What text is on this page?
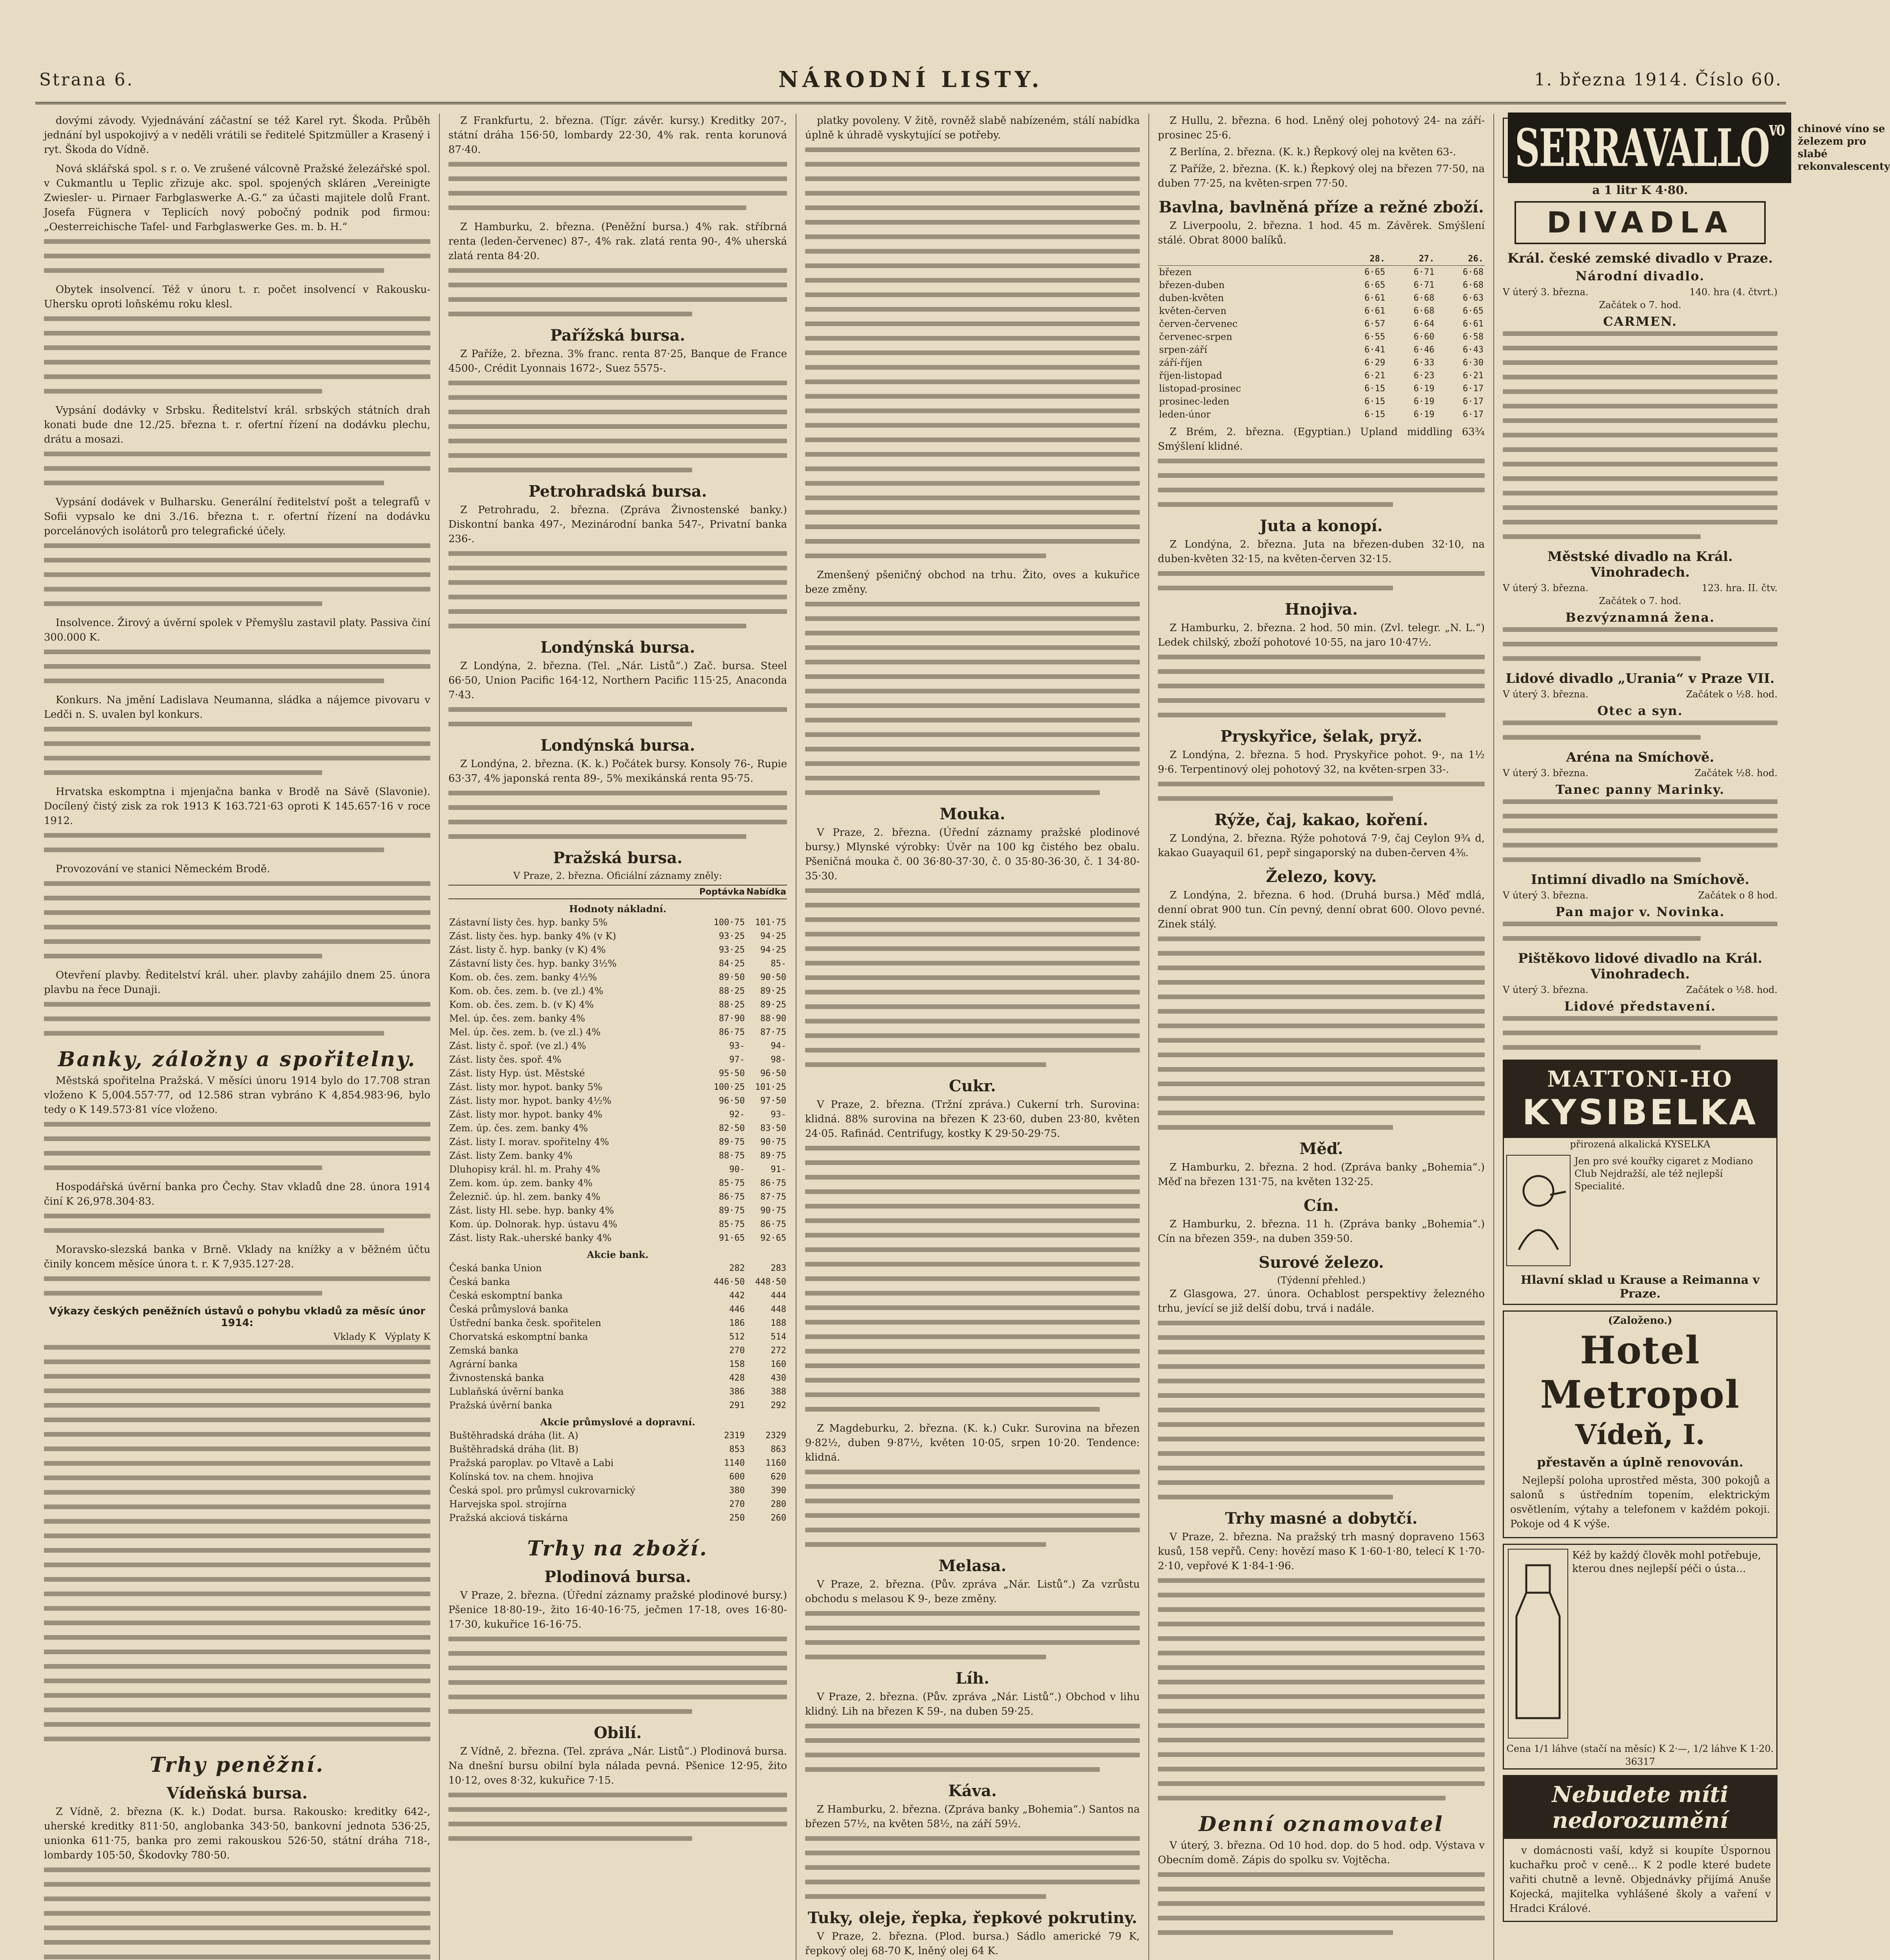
Strana 6.	NÁRODNÍ LISTY.	1. března 1914. Číslo 60.

dovými závody. Vyjednávání záčastní se též Karel ryt. Škoda. Průběh jednání byl uspokojivý a v neděli vrátili se ředitelé Spitzmüller a Krasený i ryt. Škoda do Vídně.

Nová sklářská spol. s r. o. Ve zrušené válcovně Pražské železářské spol. v Cukmantlu u Teplic zřizuje akc. spol. spojených skláren „Vereinigte Zwiesler- u. Pirnaer Farbglaswerke A.-G.“ za účasti majitele dolů Frant. Josefa Fügnera v Teplicích nový pobočný podnik pod firmou: „Oesterreichische Tafel- und Farbglaswerke Ges. m. b. H.“

Obytek insolvencí. Též v únoru t. r. počet insolvencí v Rakousku-Uhersku oproti loňskému roku klesl.

Vypsání dodávky v Srbsku. Ředitelství král. srbských státních drah konati bude dne 12./25. března t. r. ofertní řízení na dodávku plechu, drátu a mosazi.

Vypsání dodávek v Bulharsku. Generální ředitelství pošt a telegrafů v Sofii vypsalo ke dni 3./16. března t. r. ofertní řízení na dodávku porcelánových isolátorů pro telegrafické účely.

Insolvence. Žirový a úvěrní spolek v Přemyšlu zastavil platy. Passiva činí 300.000 K.

Konkurs. Na jmění Ladislava Neumanna, sládka a nájemce pivovaru v Ledči n. S. uvalen byl konkurs.

Hrvatska eskomptna i mjenjačna banka v Brodě na Sávě (Slavonie). Docílený čistý zisk za rok 1913 K 163.721·63 oproti K 145.657·16 v roce 1912.

Provozování ve stanici Německém Brodě.

Otevření plavby. Ředitelství král. uher. plavby zahájilo dnem 25. února plavbu na řece Dunaji.

Banky, záložny a spořitelny.

Městská spořitelna Pražská. V měsíci únoru 1914 bylo do 17.708 stran vloženo K 5,004.557·77, od 12.586 stran vybráno K 4,854.983·96, bylo tedy o K 149.573·81 více vloženo.

Hospodářská úvěrní banka pro Čechy. Stav vkladů dne 28. února 1914 činí K 26,978.304·83.

Moravsko-slezská banka v Brně. Vklady na knížky a v běžném účtu činily koncem měsíce února t. r. K 7,935.127·28.

Výkazy českých peněžních ústavů o pohybu vkladů za měsíc únor 1914:
Vklady K Výplaty K
Trhy peněžní.
Vídeňská bursa.

Z Vídně, 2. března (K. k.) Dodat. bursa. Rakousko: kreditky 642-, uherské kreditky 811·50, anglobanka 343·50, bankovní jednota 536·25, unionka 611·75, banka pro zemi rakouskou 526·50, státní dráha 718-, lombardy 105·50, Škodovky 780·50.

Z Frankfurtu, 2. března. (Tígr. závěr. kursy.) Kreditky 207-, státní dráha 156·50, lombardy 22·30, 4% rak. renta korunová 87·40.

Z Hamburku, 2. března. (Peněžní bursa.) 4% rak. stříbrná renta (leden-červenec) 87-, 4% rak. zlatá renta 90-, 4% uherská zlatá renta 84·20.

Pařížská bursa.

Z Paříže, 2. března. 3% franc. renta 87·25, Banque de France 4500-, Crédit Lyonnais 1672-, Suez 5575-.

Petrohradská bursa.

Z Petrohradu, 2. března. (Zpráva Živnostenské banky.) Diskontní banka 497-, Mezinárodní banka 547-, Privatní banka 236-.

Londýnská bursa.

Z Londýna, 2. března. (Tel. „Nár. Listů“.) Zač. bursa. Steel 66·50, Union Pacific 164·12, Northern Pacific 115·25, Anaconda 7·43.

Londýnská bursa.

Z Londýna, 2. března. (K. k.) Počátek bursy. Konsoly 76-, Rupie 63·37, 4% japonská renta 89-, 5% mexikánská renta 95·75.

Pražská bursa.
V Praze, 2. března. Oficiální záznamy zněly:
	Poptávka	Nabídka
Hodnoty nákladní.		
Zástavní listy čes. hyp. banky 5%	100·75	101·75
Zást. listy čes. hyp. banky 4% (v K)	93·25	94·25
Zást. listy č. hyp. banky (v K) 4%	93·25	94·25
Zástavní listy čes. hyp. banky 3½%	84·25	85-
Kom. ob. čes. zem. banky 4½%	89·50	90·50
Kom. ob. čes. zem. b. (ve zl.) 4%	88·25	89·25
Kom. ob. čes. zem. b. (v K) 4%	88·25	89·25
Mel. úp. čes. zem. banky 4%	87·90	88·90
Mel. úp. čes. zem. b. (ve zl.) 4%	86·75	87·75
Zást. listy č. spoř. (ve zl.) 4%	93-	94-
Zást. listy čes. spoř. 4%	97-	98-
Zást. listy Hyp. úst. Městské	95·50	96·50
Zást. listy mor. hypot. banky 5%	100·25	101·25
Zást. listy mor. hypot. banky 4½%	96·50	97·50
Zást. listy mor. hypot. banky 4%	92-	93-
Zem. úp. čes. zem. banky 4%	82·50	83·50
Zást. listy I. morav. spořitelny 4%	89·75	90·75
Zást. listy Zem. banky 4%	88·75	89·75
Dluhopisy král. hl. m. Prahy 4%	90-	91-
Zem. kom. úp. zem. banky 4%	85·75	86·75
Železnič. úp. hl. zem. banky 4%	86·75	87·75
Zást. listy Hl. sebe. hyp. banky 4%	89·75	90·75
Kom. úp. Dolnorak. hyp. ústavu 4%	85·75	86·75
Zást. listy Rak.-uherské banky 4%	91·65	92·65
Akcie bank.		
Česká banka Union	282	283
Česká banka	446·50	448·50
Česká eskomptní banka	442	444
Česká průmyslová banka	446	448
Ústřední banka česk. spořitelen	186	188
Chorvatská eskomptní banka	512	514
Zemská banka	270	272
Agrární banka	158	160
Živnostenská banka	428	430
Lublaňská úvěrní banka	386	388
Pražská úvěrní banka	291	292
Akcie průmyslové a dopravní.		
Buštěhradská dráha (lit. A)	2319	2329
Buštěhradská dráha (lit. B)	853	863
Pražská paroplav. po Vltavě a Labi	1140	1160
Kolínská tov. na chem. hnojiva	600	620
Česká spol. pro průmysl cukrovarnický	380	390
Harvejska spol. strojírna	270	280
Pražská akciová tiskárna	250	260
Trhy na zboží.
Plodinová bursa.

V Praze, 2. března. (Úřední záznamy pražské plodinové bursy.) Pšenice 18·80-19-, žito 16·40-16·75, ječmen 17-18, oves 16·80-17·30, kukuřice 16-16·75.

Obilí.

Z Vídně, 2. března. (Tel. zpráva „Nár. Listů“.) Plodinová bursa. Na dnešní bursu obilní byla nálada pevná. Pšenice 12·95, žito 10·12, oves 8·32, kukuřice 7·15.

platky povoleny. V žitě, rovněž slabě nabízeném, stálí nabídka úplně k úhradě vyskytující se potřeby.

Zmenšený pšeničný obchod na trhu. Žito, oves a kukuřice beze změny.

Mouka.

V Praze, 2. března. (Úřední záznamy pražské plodinové bursy.) Mlynské výrobky: Úvěr na 100 kg čistého bez obalu. Pšeničná mouka č. 00 36·80-37·30, č. 0 35·80-36·30, č. 1 34·80-35·30.

Cukr.

V Praze, 2. března. (Tržní zpráva.) Cukerní trh. Surovina: klidná. 88% surovina na březen K 23·60, duben 23·80, květen 24·05. Rafinád. Centrifugy, kostky K 29·50-29·75.

Z Magdeburku, 2. března. (K. k.) Cukr. Surovina na březen 9·82½, duben 9·87½, květen 10·05, srpen 10·20. Tendence: klidná.

Melasa.

V Praze, 2. března. (Pův. zpráva „Nár. Listů“.) Za vzrůstu obchodu s melasou K 9-, beze změny.

Líh.

V Praze, 2. března. (Pův. zpráva „Nár. Listů“.) Obchod v lihu klidný. Lih na březen K 59-, na duben 59·25.

Káva.

Z Hamburku, 2. března. (Zpráva banky „Bohemia“.) Santos na březen 57½, na květen 58½, na září 59½.

Tuky, oleje, řepka, řepkové pokrutiny.

V Praze, 2. března. (Plod. bursa.) Sádlo americké 79 K, řepkový olej 68-70 K, lněný olej 64 K.

Z Hullu, 2. března. 6 hod. Lněný olej pohotový 24- na září-prosinec 25·6.

Z Berlína, 2. března. (K. k.) Řepkový olej na květen 63-.

Z Paříže, 2. března. (K. k.) Řepkový olej na březen 77·50, na duben 77·25, na květen-srpen 77·50.

Bavlna, bavlněná příze a režné zboží.

Z Liverpoolu, 2. března. 1 hod. 45 m. Závěrek. Smýšlení stálé. Obrat 8000 balíků.

	28.	27.	26.
březen	6·65	6·71	6·68
březen-duben	6·65	6·71	6·68
duben-květen	6·61	6·68	6·63
květen-červen	6·61	6·68	6·65
červen-červenec	6·57	6·64	6·61
červenec-srpen	6·55	6·60	6·58
srpen-září	6·41	6·46	6·43
září-říjen	6·29	6·33	6·30
říjen-listopad	6·21	6·23	6·21
listopad-prosinec	6·15	6·19	6·17
prosinec-leden	6·15	6·19	6·17
leden-únor	6·15	6·19	6·17

Z Brém, 2. března. (Egyptian.) Upland middling 63¾ Smýšlení klidné.

Juta a konopí.

Z Londýna, 2. března. Juta na březen-duben 32·10, na duben-květen 32·15, na květen-červen 32·15.

Hnojiva.

Z Hamburku, 2. března. 2 hod. 50 min. (Zvl. telegr. „N. L.“) Ledek chilský, zboží pohotové 10·55, na jaro 10·47½.

Pryskyřice, šelak, pryž.

Z Londýna, 2. března. 5 hod. Pryskyřice pohot. 9·, na 1½ 9·6. Terpentinový olej pohotový 32, na květen-srpen 33-.

Rýže, čaj, kakao, koření.

Z Londýna, 2. března. Rýže pohotová 7·9, čaj Ceylon 9¾ d, kakao Guayaquil 61, pepř singaporský na duben-červen 4⅜.

Železo, kovy.

Z Londýna, 2. března. 6 hod. (Druhá bursa.) Měď mdlá, denní obrat 900 tun. Cín pevný, denní obrat 600. Olovo pevné. Zinek stálý.

Měď.

Z Hamburku, 2. března. 2 hod. (Zpráva banky „Bohemia“.) Měď na březen 131·75, na květen 132·25.

Cín.

Z Hamburku, 2. března. 11 h. (Zpráva banky „Bohemia“.) Cín na březen 359-, na duben 359·50.

Surové železo.
(Týdenní přehled.)

Z Glasgowa, 27. února. Ochablost perspektivy železného trhu, jevící se již delší dobu, trvá i nadále.

Trhy masné a dobytčí.

V Praze, 2. března. Na pražský trh masný dopraveno 1563 kusů, 158 vepřů. Ceny: hovězí maso K 1·60-1·80, telecí K 1·70-2·10, vepřové K 1·84-1·96.

Denní oznamovatel

V úterý, 3. března. Od 10 hod. dop. do 5 hod. odp. Výstava v Obecním domě. Zápis do spolku sv. Vojtěcha.

$SERRAVALLO^{vo}$	chinové víno se železem pro slabé rekonvalescenty
a 1 litr K 4·80.
DIVADLA
Král. české zemské divadlo v Praze.
Národní divadlo.
V úterý 3. března.	140. hra (4. čtvrt.)
Začátek o 7. hod.
CARMEN.
Městské divadlo na Král. Vinohradech.
V úterý 3. března.	123. hra. II. čtv.
Začátek o 7. hod.
Bezvýznamná žena.
Lidové divadlo „Urania“ v Praze VII.
V úterý 3. března.	Začátek o ½8. hod.
Otec a syn.
Aréna na Smíchově.
V úterý 3. března.	Začátek ½8. hod.
Tanec panny Marinky.
Intimní divadlo na Smíchově.
V úterý 3. března.	Začátek o 8 hod.
Pan major v. Novinka.
Pištěkovo lidové divadlo na Král. Vinohradech.
V úterý 3. března.	Začátek o ½8. hod.
Lidové představení.
MATTONI-HO
KYSIBELKA
přirozená alkalická KYSELKA
Jen pro své kouřky cigaret z Modiano Club Nejdražší, ale též nejlepší Specialité.
Hlavní sklad u Krause a Reimanna v Praze.
(Založeno.)
Hotel Metropol
Vídeň, I.
přestavěn a úplně renovován.

Nejlepší poloha uprostřed města, 300 pokojů a salonů s ústředním topením, elektrickým osvětlením, výtahy a telefonem v každém pokoji. Pokoje od 4 K výše.

Kéž by každý člověk mohl potřebuje, kterou dnes nejlepší péči o ústa...
Cena 1/1 láhve (stačí na měsíc) K 2·—, 1/2 láhve K 1·20.
36317
Nebudete míti nedorozumění

v domácnosti vaší, když si koupíte Úspornou kuchařku proč v ceně... K 2 podle které budete vařiti chutně a levně. Objednávky přijímá Anuše Kojecká, majitelka vyhlášené školy a vaření v Hradci Králové.
